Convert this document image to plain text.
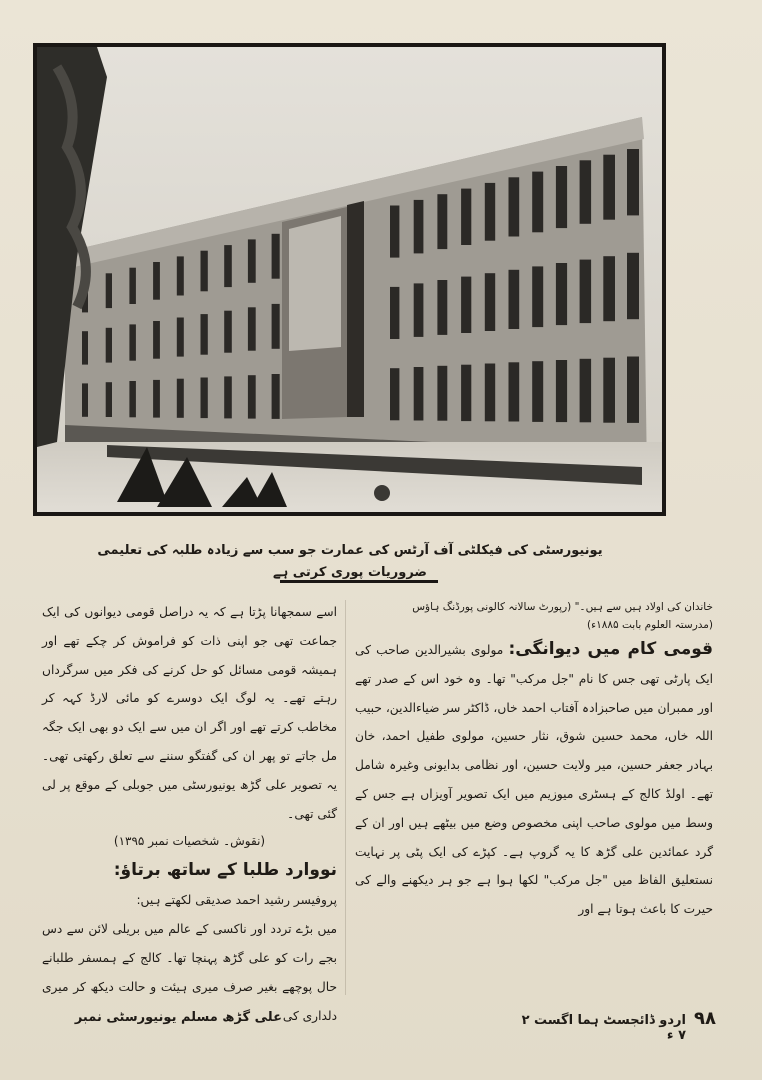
یونیورسٹی کی فیکلٹی آف آرٹس کی عمارت جو سب سے زیادہ طلبہ کی تعلیمی ضروریات پوری کرتی ہے

خاندان کی اولاد ہیں سے ہیں۔" (رپورٹ سالانہ کالونی پورڈنگ ہاؤس

(مدرستہ العلوم بابت ۱۸۸۵ء)

قومی کام میں دیوانگی: مولوی بشیرالدین صاحب کی ایک پارٹی تھی جس کا نام "جل مرکب" تھا۔ وہ خود اس کے صدر تھے اور ممبران میں صاحبزادہ آفتاب احمد خاں، ڈاکٹر سر ضیاءالدین، حبیب اللہ خاں، محمد حسین شوق، نثار حسین، مولوی طفیل احمد، خان بہادر جعفر حسین، میر ولایت حسین، اور نظامی بدایونی وغیرہ شامل تھے۔ اولڈ کالج کے ہسٹری میوزیم میں ایک تصویر آویزاں ہے جس کے وسط میں مولوی صاحب اپنی مخصوص وضع میں بیٹھے ہیں اور ان کے گرد عمائدین علی گڑھ کا یہ گروپ ہے۔ کپڑے کی ایک پٹی پر نہایت نستعلیق الفاظ میں "جل مرکب" لکھا ہوا ہے جو ہر دیکھنے والے کی حیرت کا باعث ہوتا ہے اور

اسے سمجھانا پڑتا ہے کہ یہ دراصل قومی دیوانوں کی ایک جماعت تھی جو اپنی ذات کو فراموش کر چکے تھے اور ہمیشہ قومی مسائل کو حل کرنے کی فکر میں سرگرداں رہتے تھے۔ یہ لوگ ایک دوسرے کو مائی لارڈ کہہ کر مخاطب کرتے تھے اور اگر ان میں سے ایک دو بھی ایک جگہ مل جاتے تو پھر ان کی گفتگو سننے سے تعلق رکھتی تھی۔ یہ تصویر علی گڑھ یونیورسٹی میں جوبلی کے موقع پر لی گئی تھی۔

(نقوش۔ شخصیات نمبر ۱۳۹۵)

نووارد طلبا کے ساتھ برتاؤ:

پروفیسر رشید احمد صدیقی لکھتے ہیں:

میں بڑے تردد اور ناکسی کے عالم میں بریلی لائن سے دس بجے رات کو علی گڑھ پہنچا تھا۔ کالج کے ہمسفر طلبانے حال پوچھے بغیر صرف میری ہیئت و حالت دیکھ کر میری دلداری کی

علی گڑھ مسلم یونیورسٹی نمبر	۹۸
اردو ڈائجسٹ ہما اگست ۲ ۷ ء
